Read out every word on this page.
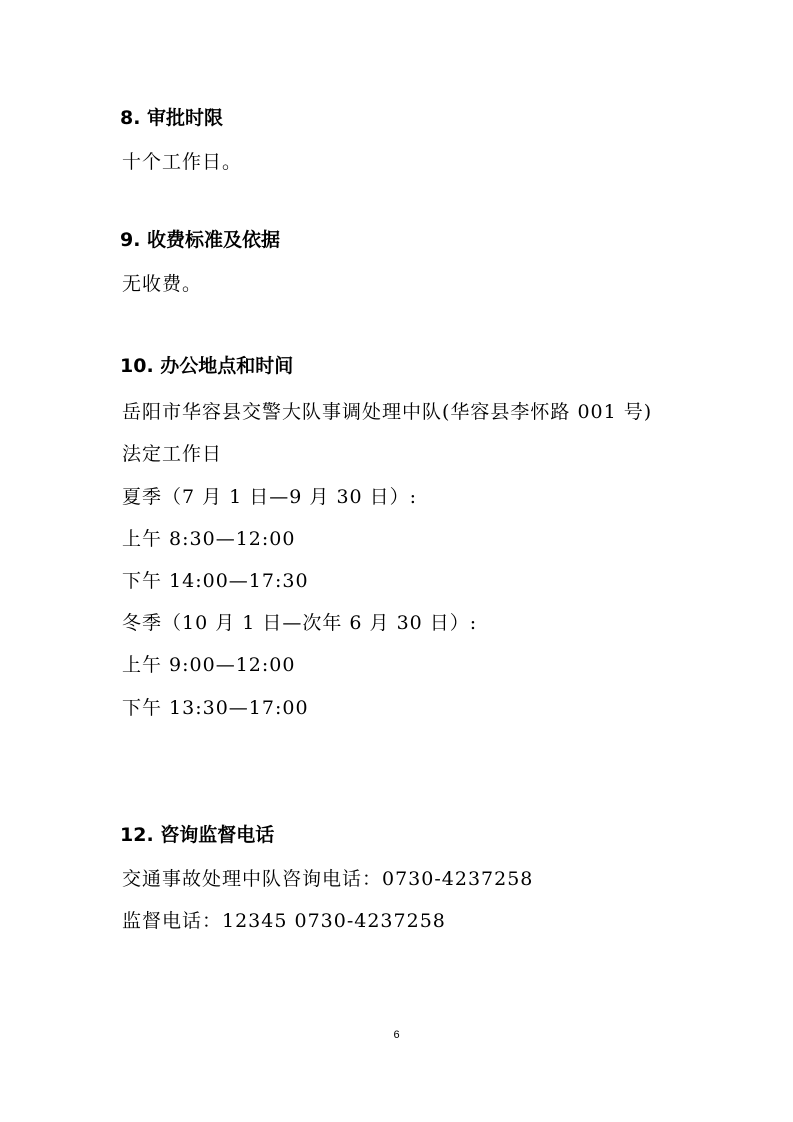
8. 审批时限
十个工作日。
9. 收费标准及依据
无收费。
10. 办公地点和时间
岳阳市华容县交警大队事调处理中队(华容县李怀路 001 号)
法定工作日
夏季（7 月 1 日—9 月 30 日）:
上午 8:30—12:00
下午 14:00—17:30
冬季（10 月 1 日—次年 6 月 30 日）:
上午 9:00—12:00
下午 13:30—17:00
12. 咨询监督电话
交通事故处理中队咨询电话：0730-4237258
监督电话：12345 0730-4237258
6
